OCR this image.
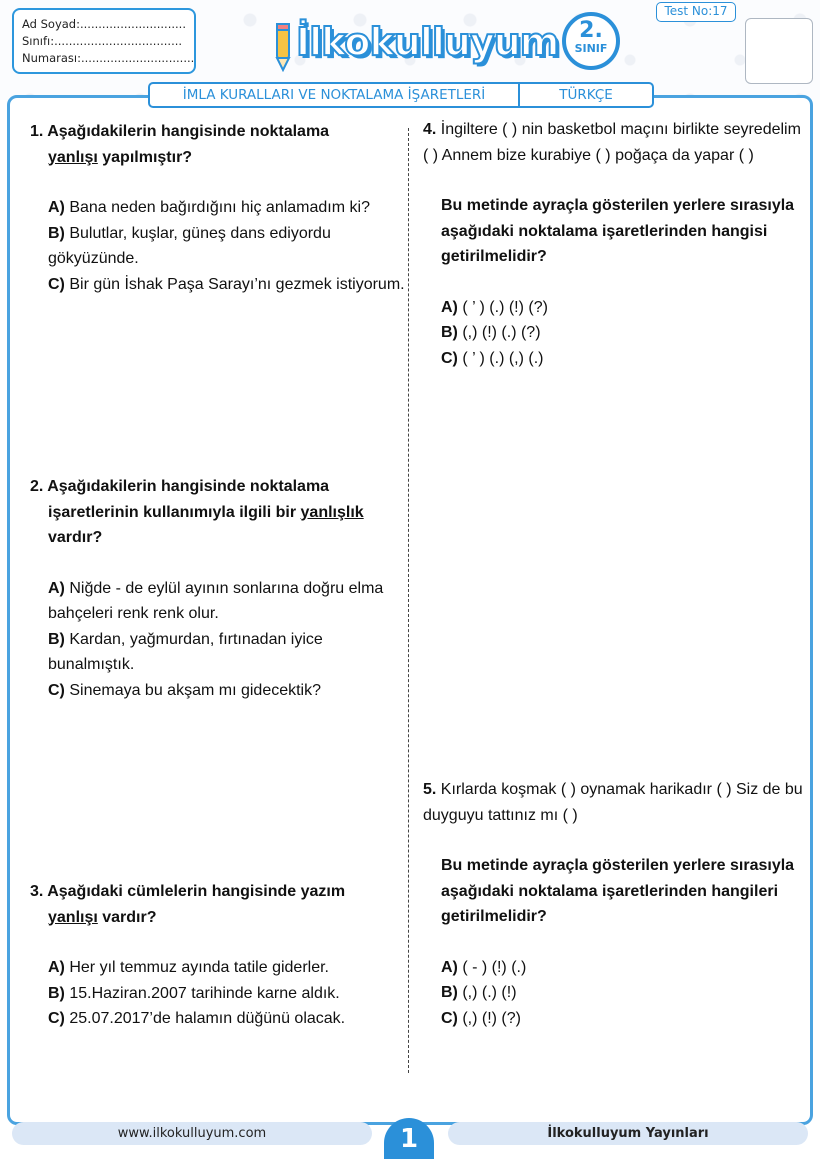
Ad Soyad:.............................
Sınıfı:...................................
Numarası:...............................	İlkokulluyum 2.
SINIF
Test No:17
İMLA KURALLARI VE NOKTALAMA İŞARETLERİ	TÜRKÇE
1. Aşağıdakilerin hangisinde noktalama
yanlışı yapılmıştır?
A) Bana neden bağırdığını hiç anlamadım ki?
B) Bulutlar, kuşlar, güneş dans ediyordu gökyüzünde.
C) Bir gün İshak Paşa Sarayı’nı gezmek istiyorum.
2. Aşağıdakilerin hangisinde noktalama
işaretlerinin kullanımıyla ilgili bir yanlışlık
vardır?
A) Niğde - de eylül ayının sonlarına doğru elma bahçeleri renk renk olur.
B) Kardan, yağmurdan, fırtınadan iyice bunalmıştık.
C) Sinemaya bu akşam mı gidecektik?
3. Aşağıdaki cümlelerin hangisinde yazım
yanlışı vardır?
A) Her yıl temmuz ayında tatile giderler.
B) 15.Haziran.2007 tarihinde karne aldık.
C) 25.07.2017’de halamın düğünü olacak.
4. İngiltere ( ) nin basketbol maçını birlikte seyredelim ( ) Annem bize kurabiye ( ) poğaça da yapar ( )
Bu metinde ayraçla gösterilen yerlere sırasıyla aşağıdaki noktalama işaretlerinden hangisi getirilmelidir?
A) ( ’ ) (.) (!) (?)
B) (,) (!) (.) (?)
C) ( ’ ) (.) (,) (.)
5. Kırlarda koşmak ( ) oynamak harikadır ( ) Siz de bu duyguyu tattınız mı ( )
Bu metinde ayraçla gösterilen yerlere sırasıyla aşağıdaki noktalama işaretlerinden hangileri getirilmelidir?
A) ( - ) (!) (.)
B) (,) (.) (!)
C) (,) (!) (?)
www.ilkokulluyum.com	1	İlkokulluyum Yayınları
